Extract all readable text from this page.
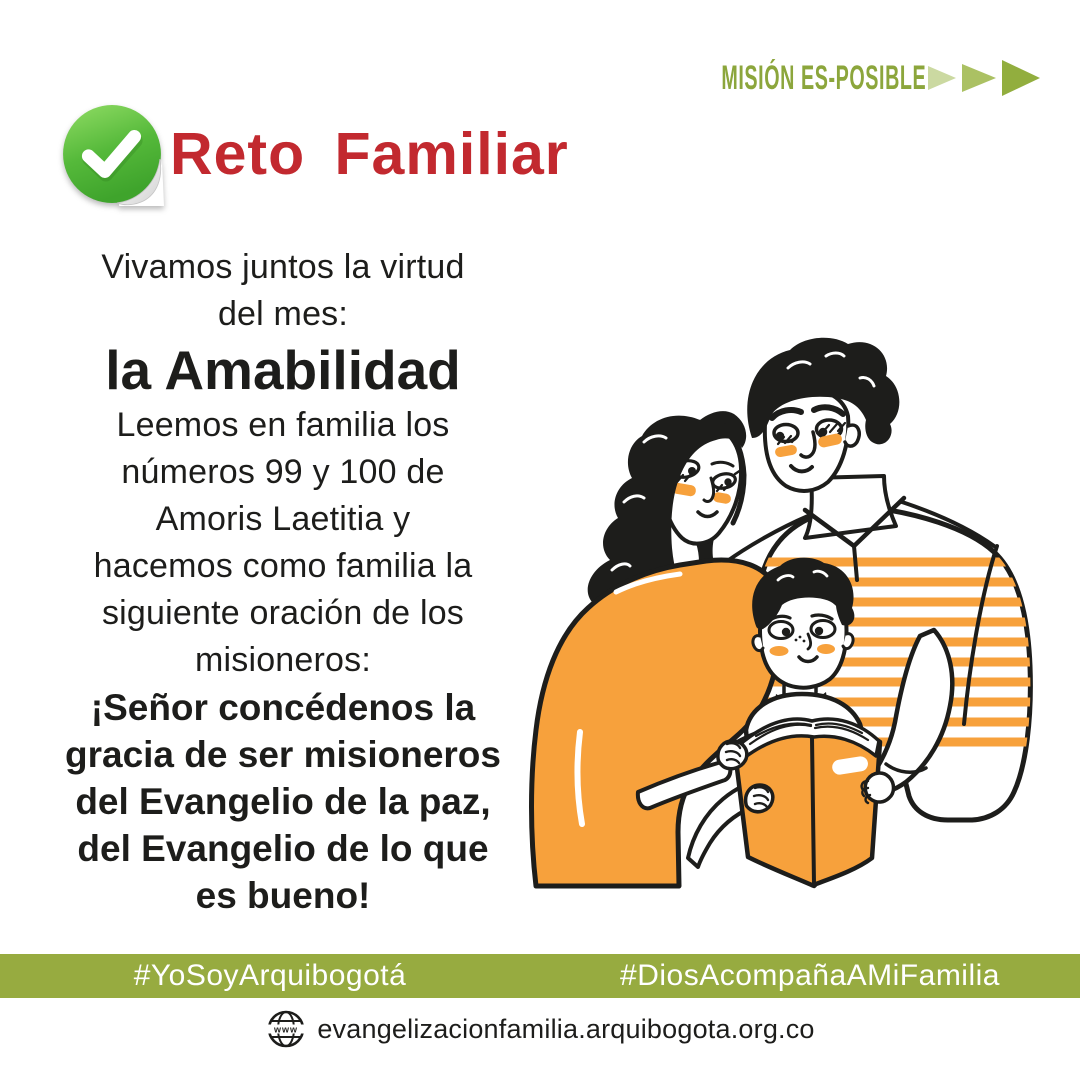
MISIÓN ES-POSIBLE
Reto Familiar
Vivamos juntos la virtud
del mes:
la Amabilidad
Leemos en familia los
números 99 y 100 de
Amoris Laetitia y
hacemos como familia la
siguiente oración de los
misioneros:
¡Señor concédenos la
gracia de ser misioneros
del Evangelio de la paz,
del Evangelio de lo que
es bueno!
#YoSoyArquibogotá	#DiosAcompañaAMiFamilia
www evangelizacionfamilia.arquibogota.org.co
